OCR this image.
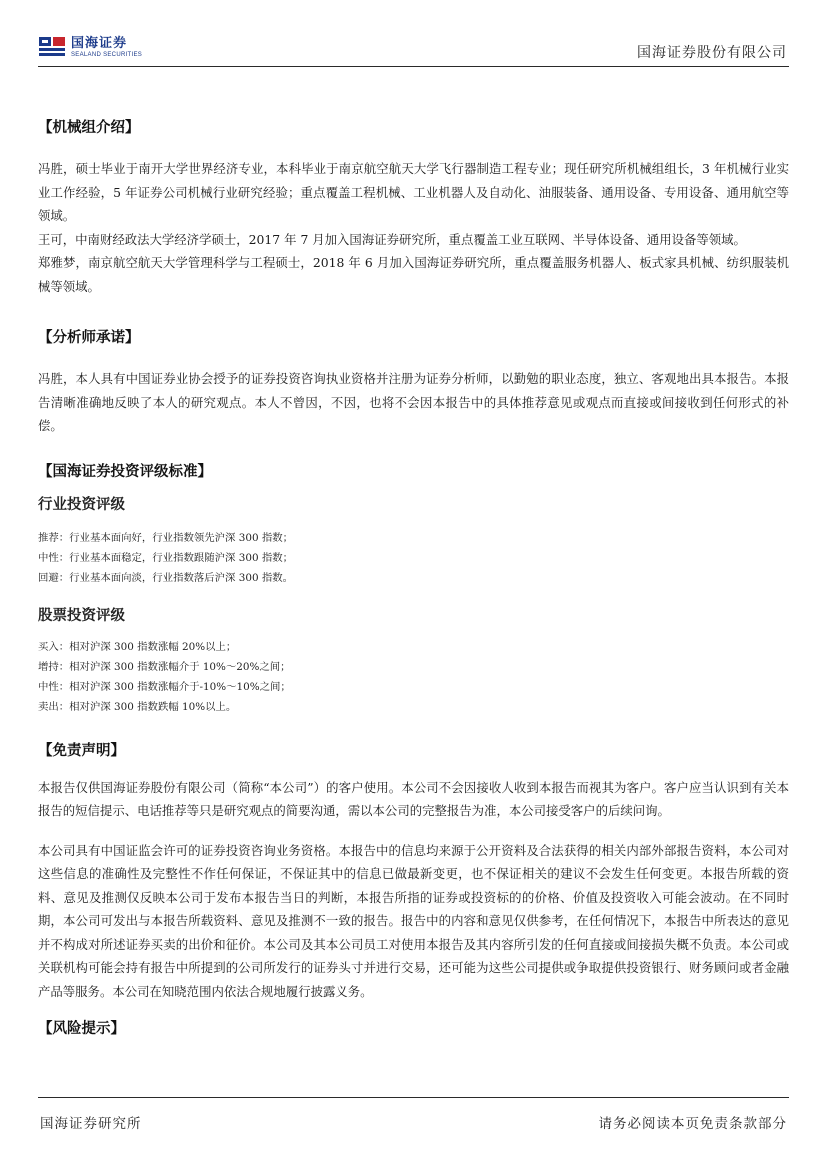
国海证券
SEALAND SECURITIES	国海证券股份有限公司
【机械组介绍】

冯胜，硕士毕业于南开大学世界经济专业，本科毕业于南京航空航天大学飞行器制造工程专业；现任研究所机械组组长，3 年机械行业实业工作经验，5 年证券公司机械行业研究经验；重点覆盖工程机械、工业机器人及自动化、油服装备、通用设备、专用设备、通用航空等领域。

王可，中南财经政法大学经济学硕士，2017 年 7 月加入国海证券研究所，重点覆盖工业互联网、半导体设备、通用设备等领域。

郑雅梦，南京航空航天大学管理科学与工程硕士，2018 年 6 月加入国海证券研究所，重点覆盖服务机器人、板式家具机械、纺织服装机械等领域。

【分析师承诺】

冯胜，本人具有中国证券业协会授予的证券投资咨询执业资格并注册为证券分析师，以勤勉的职业态度，独立、客观地出具本报告。本报告清晰准确地反映了本人的研究观点。本人不曾因，不因，也将不会因本报告中的具体推荐意见或观点而直接或间接收到任何形式的补偿。

【国海证券投资评级标准】
行业投资评级

推荐：行业基本面向好，行业指数领先沪深 300 指数；

中性：行业基本面稳定，行业指数跟随沪深 300 指数；

回避：行业基本面向淡，行业指数落后沪深 300 指数。

股票投资评级

买入：相对沪深 300 指数涨幅 20%以上；

增持：相对沪深 300 指数涨幅介于 10%～20%之间；

中性：相对沪深 300 指数涨幅介于-10%～10%之间；

卖出：相对沪深 300 指数跌幅 10%以上。

【免责声明】

本报告仅供国海证券股份有限公司（简称“本公司”）的客户使用。本公司不会因接收人收到本报告而视其为客户。客户应当认识到有关本报告的短信提示、电话推荐等只是研究观点的简要沟通，需以本公司的完整报告为准，本公司接受客户的后续问询。

本公司具有中国证监会许可的证券投资咨询业务资格。本报告中的信息均来源于公开资料及合法获得的相关内部外部报告资料，本公司对这些信息的准确性及完整性不作任何保证，不保证其中的信息已做最新变更，也不保证相关的建议不会发生任何变更。本报告所载的资料、意见及推测仅反映本公司于发布本报告当日的判断，本报告所指的证券或投资标的的价格、价值及投资收入可能会波动。在不同时期，本公司可发出与本报告所载资料、意见及推测不一致的报告。报告中的内容和意见仅供参考，在任何情况下，本报告中所表达的意见并不构成对所述证券买卖的出价和征价。本公司及其本公司员工对使用本报告及其内容所引发的任何直接或间接损失概不负责。本公司或关联机构可能会持有报告中所提到的公司所发行的证券头寸并进行交易，还可能为这些公司提供或争取提供投资银行、财务顾问或者金融产品等服务。本公司在知晓范围内依法合规地履行披露义务。

【风险提示】
国海证券研究所	请务必阅读本页免责条款部分
